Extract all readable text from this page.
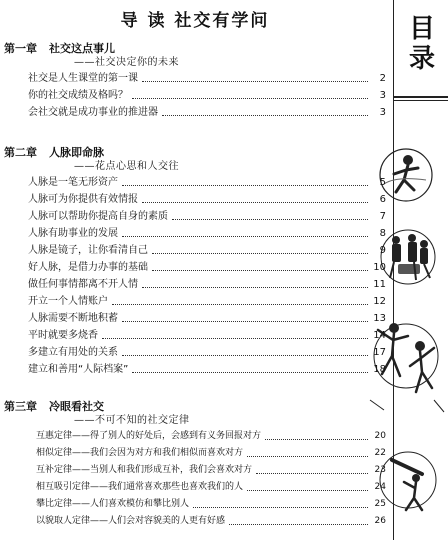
导 读 社交有学问	目
录
第一章 社交这点事儿
——社交决定你的未来
社交是人生课堂的第一课	2
你的社交成绩及格吗？	3
会社交就是成功事业的推进器	3
第二章 人脉即命脉
——花点心思和人交往
人脉是一笔无形资产	5
人脉可为你提供有效情报	6
人脉可以帮助你提高自身的素质	7
人脉有助事业的发展	8
人脉是镜子，让你看清自己	9
好人脉，是借力办事的基础	10
做任何事情都离不开人情	11
开立一个人情账户	12
人脉需要不断地积蓄	13
平时就要多烧香	14
多建立有用处的关系	17
建立和善用“人际档案”	18
第三章 冷眼看社交
——不可不知的社交定律
互惠定律——得了别人的好处后，会感到有义务回报对方	20
相似定律——我们会因为对方和我们相似而喜欢对方	22
互补定律——当别人和我们形成互补，我们会喜欢对方	23
相互吸引定律——我们通常喜欢那些也喜欢我们的人	24
攀比定律——人们喜欢模仿和攀比别人	25
以貌取人定律——人们会对容貌美的人更有好感	26
